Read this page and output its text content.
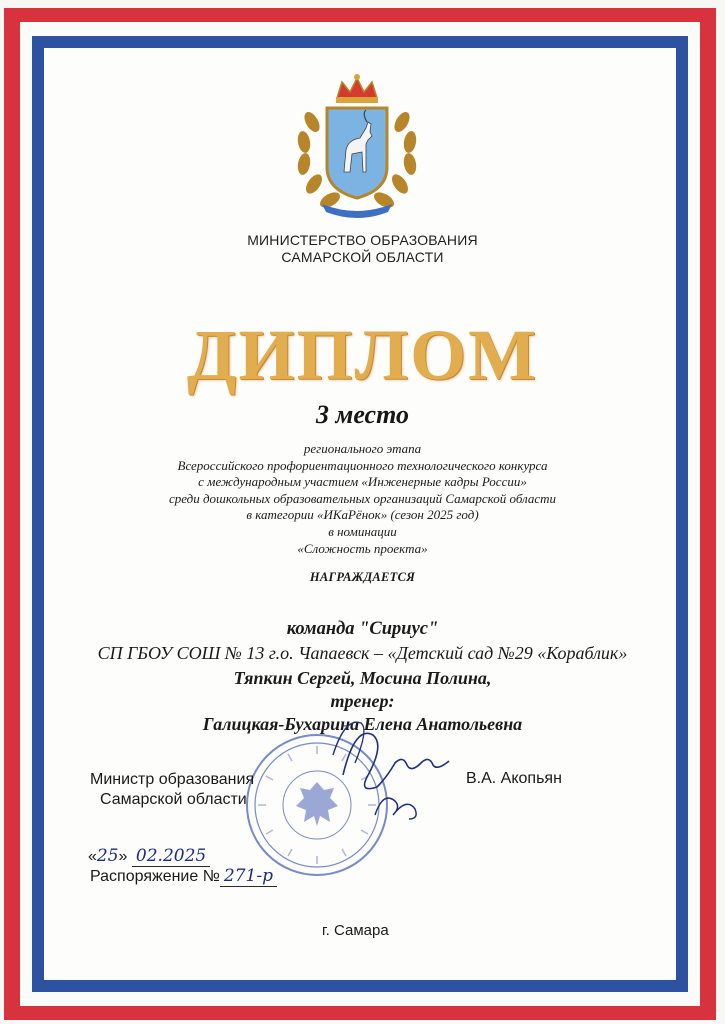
МИНИСТЕРСТВО ОБРАЗОВАНИЯ
САМАРСКОЙ ОБЛАСТИ
ДИПЛОМ
3 место
регионального этапа
Всероссийского профориентационного технологического конкурса
с международным участием «Инженерные кадры России»
среди дошкольных образовательных организаций Самарской области
в категории «ИКаРёнок» (сезон 2025 год)
в номинации
«Сложность проекта»
НАГРАЖДАЕТСЯ
команда "Сириус"
СП ГБОУ СОШ № 13 г.о. Чапаевск – «Детский сад №29 «Кораблик»
Тяпкин Сергей, Мосина Полина,
тренер:
Галицкая-Бухарина Елена Анатольевна
Министр образования
Самарской области
В.А. Акопьян
«25» 02.2025
Распоряжение № 271-р
г. Самара
